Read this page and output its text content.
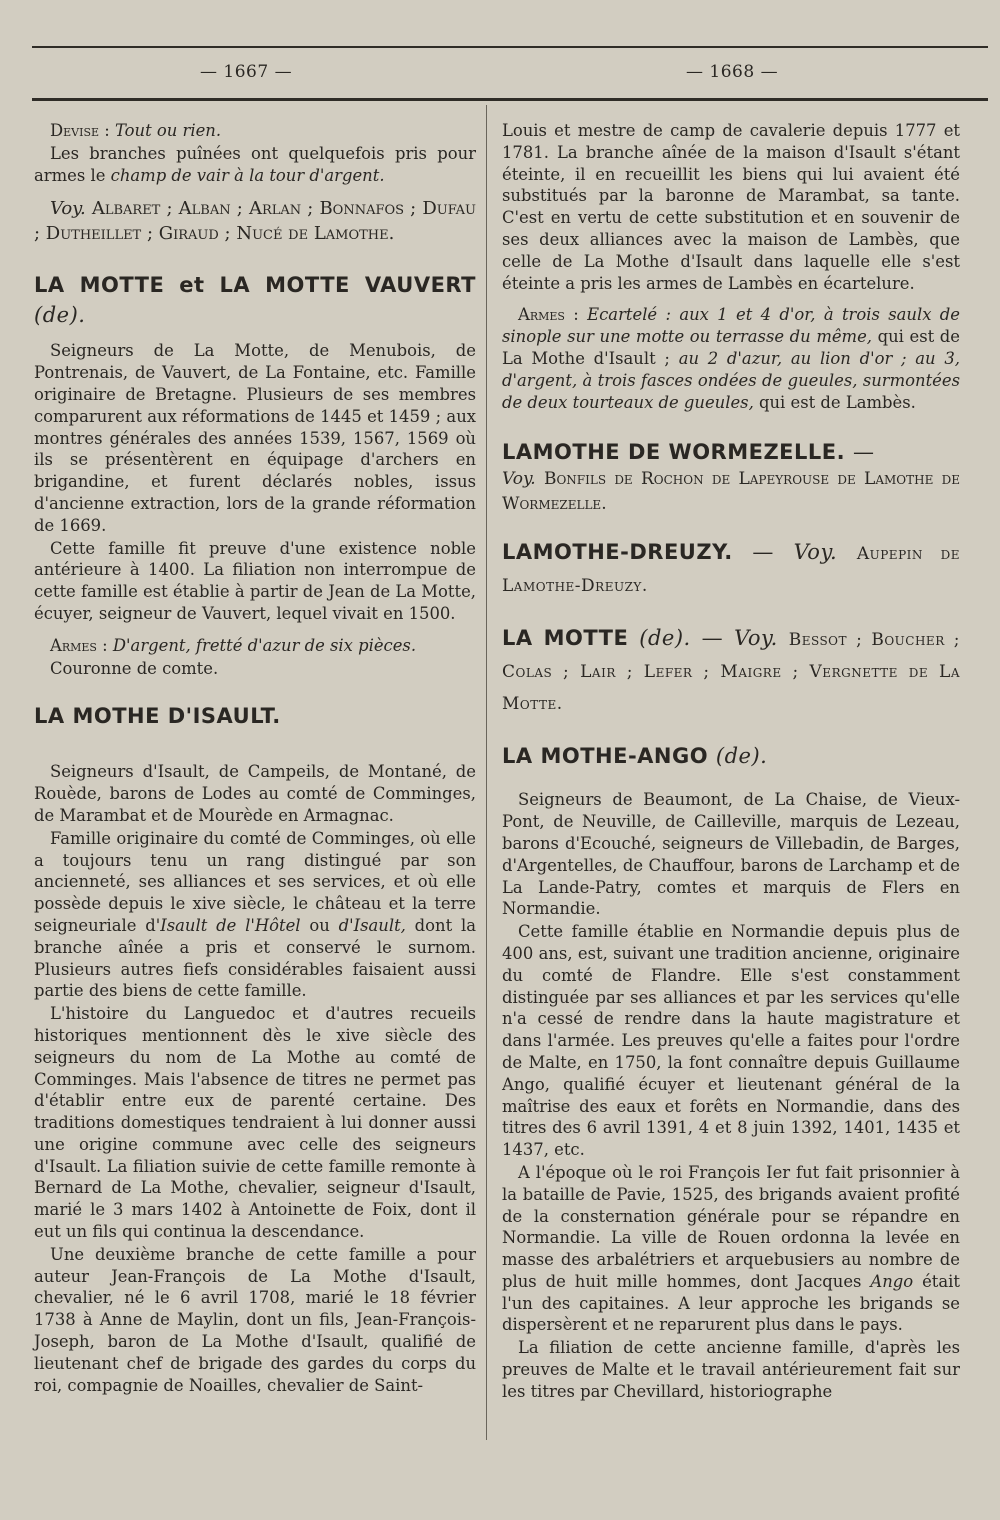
— 1667 —	— 1668 —

Devise : Tout ou rien.

Les branches puînées ont quelquefois pris pour armes le champ de vair à la tour d'argent.

Voy. Albaret ; Alban ; Arlan ; Bonnafos ; Dufau ; Dutheillet ; Giraud ; Nucé de Lamothe.

LA MOTTE et LA MOTTE VAUVERT (de).

Seigneurs de La Motte, de Menubois, de Pontrenais, de Vauvert, de La Fontaine, etc. Famille originaire de Bretagne. Plusieurs de ses membres comparurent aux réformations de 1445 et 1459 ; aux montres générales des années 1539, 1567, 1569 où ils se présentèrent en équipage d'archers en brigandine, et furent déclarés nobles, issus d'ancienne extraction, lors de la grande réformation de 1669.

Cette famille fit preuve d'une existence noble antérieure à 1400. La filiation non interrompue de cette famille est établie à partir de Jean de La Motte, écuyer, seigneur de Vauvert, lequel vivait en 1500.

Armes : D'argent, fretté d'azur de six pièces.

Couronne de comte.

LA MOTHE D'ISAULT.

Seigneurs d'Isault, de Campeils, de Montané, de Rouède, barons de Lodes au comté de Comminges, de Marambat et de Mourède en Armagnac.

Famille originaire du comté de Comminges, où elle a toujours tenu un rang distingué par son ancienneté, ses alliances et ses services, et où elle possède depuis le xive siècle, le château et la terre seigneuriale d'Isault de l'Hôtel ou d'Isault, dont la branche aînée a pris et conservé le surnom. Plusieurs autres fiefs considérables faisaient aussi partie des biens de cette famille.

L'histoire du Languedoc et d'autres recueils historiques mentionnent dès le xive siècle des seigneurs du nom de La Mothe au comté de Comminges. Mais l'absence de titres ne permet pas d'établir entre eux de parenté certaine. Des traditions domestiques tendraient à lui donner aussi une origine commune avec celle des seigneurs d'Isault. La filiation suivie de cette famille remonte à Bernard de La Mothe, chevalier, seigneur d'Isault, marié le 3 mars 1402 à Antoinette de Foix, dont il eut un fils qui continua la descendance.

Une deuxième branche de cette famille a pour auteur Jean-François de La Mothe d'Isault, chevalier, né le 6 avril 1708, marié le 18 février 1738 à Anne de Maylin, dont un fils, Jean-François-Joseph, baron de La Mothe d'Isault, qualifié de lieutenant chef de brigade des gardes du corps du roi, compagnie de Noailles, chevalier de Saint-

Louis et mestre de camp de cavalerie depuis 1777 et 1781. La branche aînée de la maison d'Isault s'étant éteinte, il en recueillit les biens qui lui avaient été substitués par la baronne de Marambat, sa tante. C'est en vertu de cette substitution et en souvenir de ses deux alliances avec la maison de Lambès, que celle de La Mothe d'Isault dans laquelle elle s'est éteinte a pris les armes de Lambès en écartelure.

Armes : Ecartelé : aux 1 et 4 d'or, à trois saulx de sinople sur une motte ou terrasse du même, qui est de La Mothe d'Isault ; au 2 d'azur, au lion d'or ; au 3, d'argent, à trois fasces ondées de gueules, surmontées de deux tourteaux de gueules, qui est de Lambès.

LAMOTHE DE WORMEZELLE. —

Voy. Bonfils de Rochon de Lapeyrouse de Lamothe de Wormezelle.

LAMOTHE-DREUZY. — Voy. Aupepin de Lamothe-Dreuzy.
LA MOTTE (de). — Voy. Bessot ; Boucher ; Colas ; Lair ; Lefer ; Maigre ; Vergnette de La Motte.
LA MOTHE-ANGO (de).

Seigneurs de Beaumont, de La Chaise, de Vieux-Pont, de Neuville, de Cailleville, marquis de Lezeau, barons d'Ecouché, seigneurs de Villebadin, de Barges, d'Argentelles, de Chauffour, barons de Larchamp et de La Lande-Patry, comtes et marquis de Flers en Normandie.

Cette famille établie en Normandie depuis plus de 400 ans, est, suivant une tradition ancienne, originaire du comté de Flandre. Elle s'est constamment distinguée par ses alliances et par les services qu'elle n'a cessé de rendre dans la haute magistrature et dans l'armée. Les preuves qu'elle a faites pour l'ordre de Malte, en 1750, la font connaître depuis Guillaume Ango, qualifié écuyer et lieutenant général de la maîtrise des eaux et forêts en Normandie, dans des titres des 6 avril 1391, 4 et 8 juin 1392, 1401, 1435 et 1437, etc.

A l'époque où le roi François Ier fut fait prisonnier à la bataille de Pavie, 1525, des brigands avaient profité de la consternation générale pour se répandre en Normandie. La ville de Rouen ordonna la levée en masse des arbalétriers et arquebusiers au nombre de plus de huit mille hommes, dont Jacques Ango était l'un des capitaines. A leur approche les brigands se dispersèrent et ne reparurent plus dans le pays.

La filiation de cette ancienne famille, d'après les preuves de Malte et le travail antérieurement fait sur les titres par Chevillard, historiographe
